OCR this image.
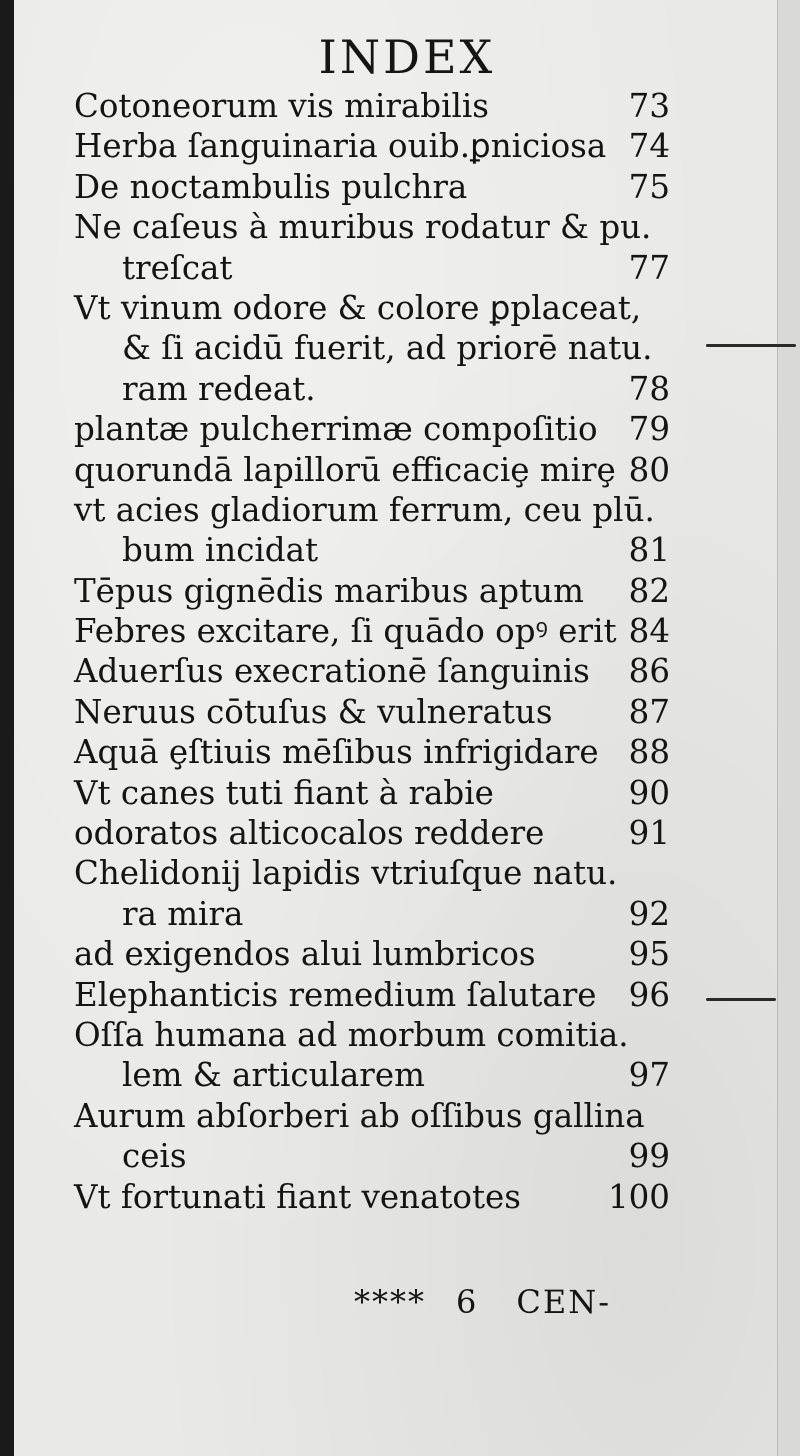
INDEX
Cotoneorum vis mirabilis	73
Herba ſanguinaria ouib.ꝑniciosa 74
De noctambulis pulchra	75
Ne caſeus à muribus rodatur & pu.
treſcat	77
Vt vinum odore & colore ꝑplaceat,
& ſi acidū fuerit, ad priorē natu.
ram redeat.	78
plantæ pulcherrimæ compoſitio 79
quorundā lapillorū efficaciȩ mirȩ 80
vt acies gladiorum ferrum, ceu plū.
bum incidat	81
Tēpus gignēdis maribus aptum 82
Febres excitare, ſi quādo opꝰ erit 84
Aduerſus execrationē ſanguinis 86
Neruus cōtuſus & vulneratus 87
Aquā ȩſtiuis mēſibus infrigidare 88
Vt canes tuti fiant à rabie	90
odoratos alticocalos reddere	91
Chelidonij lapidis vtriuſque natu.
ra mira	92
ad exigendos alui lumbricos	95
Elephanticis remedium ſalutare 96
Oſſa humana ad morbum comitia.
lem & articularem	97
Aurum abſorberi ab oſſibus gallina
ceis	99
Vt fortunati fiant venatotes	100
**** 6 CEN-
